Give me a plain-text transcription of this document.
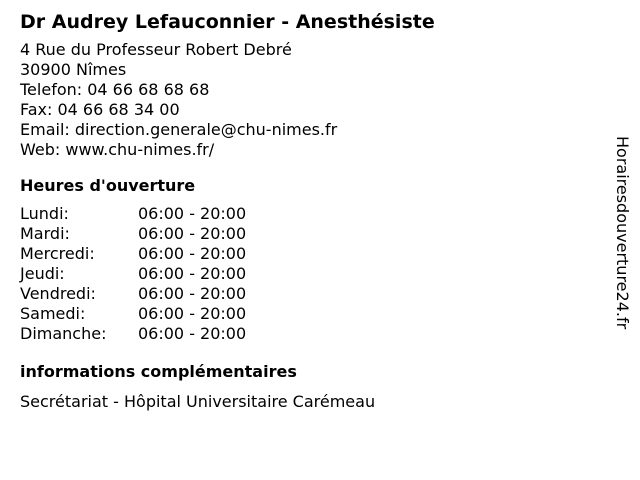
Dr Audrey Lefauconnier - Anesthésiste
4 Rue du Professeur Robert Debré
30900 Nîmes
Telefon: 04 66 68 68 68
Fax: 04 66 68 34 00
Email: direction.generale@chu-nimes.fr
Web: www.chu-nimes.fr/
Heures d'ouverture
Lundi:	06:00 - 20:00
Mardi:	06:00 - 20:00
Mercredi:	06:00 - 20:00
Jeudi:	06:00 - 20:00
Vendredi:	06:00 - 20:00
Samedi:	06:00 - 20:00
Dimanche:	06:00 - 20:00
informations complémentaires
Secrétariat - Hôpital Universitaire Carémeau
Horairesdouverture24.fr
